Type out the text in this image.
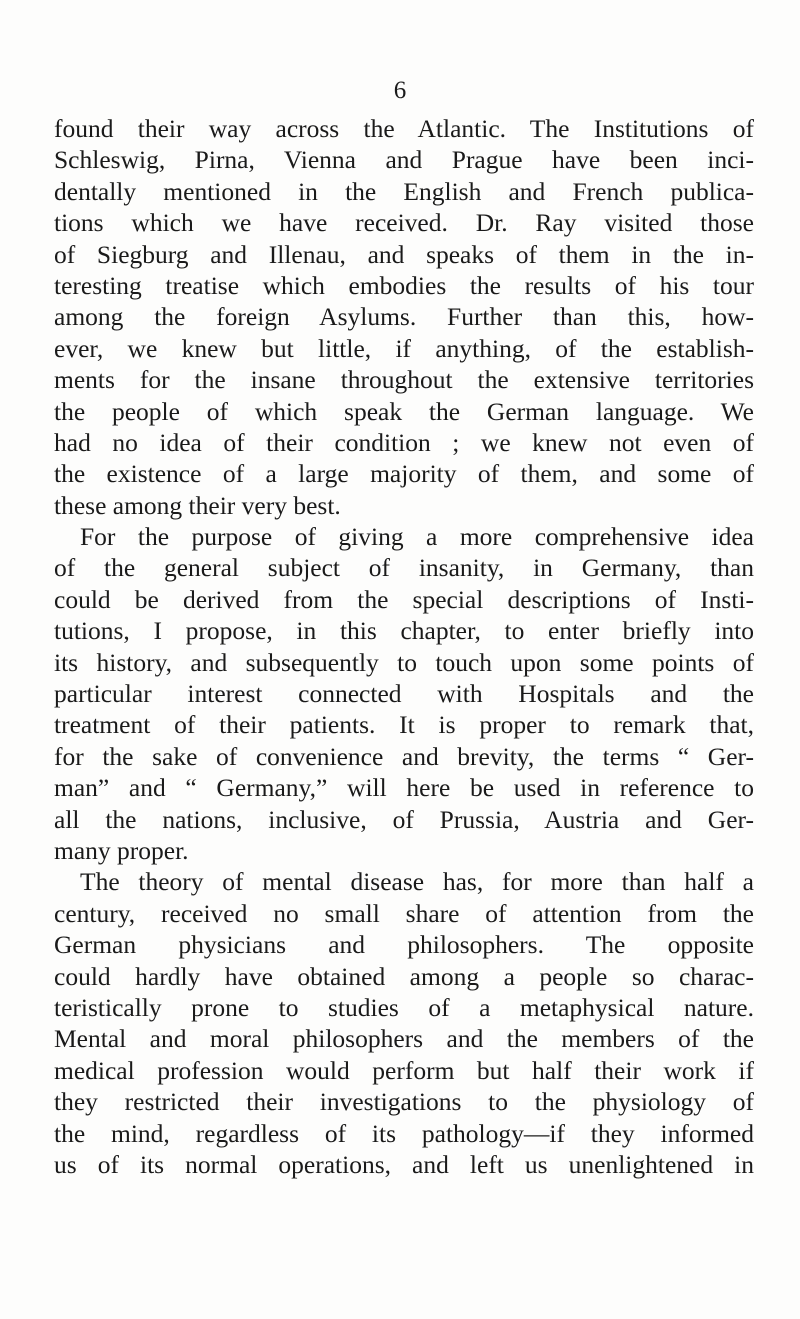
6
found their way across the Atlantic. The Institutions of
Schleswig, Pirna, Vienna and Prague have been inci-
dentally mentioned in the English and French publica-
tions which we have received. Dr. Ray visited those
of Siegburg and Illenau, and speaks of them in the in-
teresting treatise which embodies the results of his tour
among the foreign Asylums. Further than this, how-
ever, we knew but little, if anything, of the establish-
ments for the insane throughout the extensive territories
the people of which speak the German language. We
had no idea of their condition ; we knew not even of
the existence of a large majority of them, and some of
these among their very best.
For the purpose of giving a more comprehensive idea
of the general subject of insanity, in Germany, than
could be derived from the special descriptions of Insti-
tutions, I propose, in this chapter, to enter briefly into
its history, and subsequently to touch upon some points of
particular interest connected with Hospitals and the
treatment of their patients. It is proper to remark that,
for the sake of convenience and brevity, the terms “ Ger-
man” and “ Germany,” will here be used in reference to
all the nations, inclusive, of Prussia, Austria and Ger-
many proper.
The theory of mental disease has, for more than half a
century, received no small share of attention from the
German physicians and philosophers. The opposite
could hardly have obtained among a people so charac-
teristically prone to studies of a metaphysical nature.
Mental and moral philosophers and the members of the
medical profession would perform but half their work if
they restricted their investigations to the physiology of
the mind, regardless of its pathology—if they informed
us of its normal operations, and left us unenlightened in
